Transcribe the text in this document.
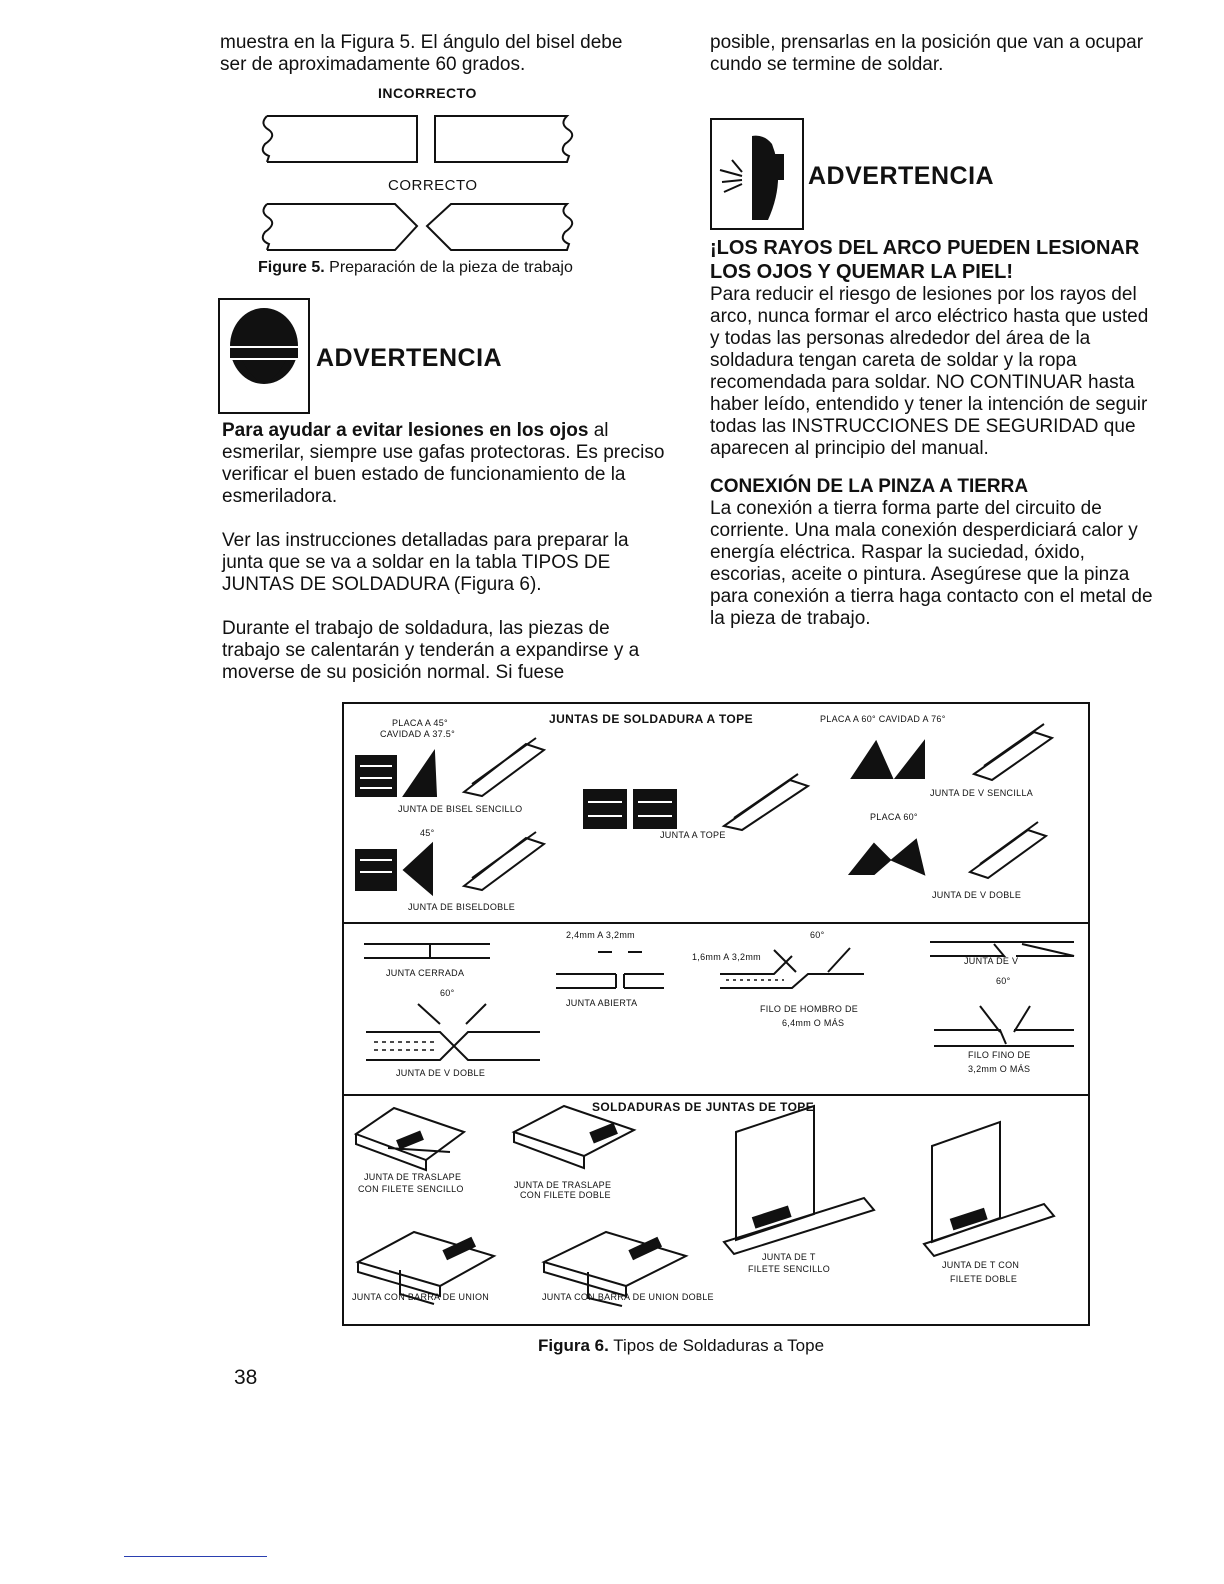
muestra en la Figura 5. El ángulo del bisel debe
ser de aproximadamente 60 grados.
INCORRECTO
CORRECTO
Figure 5. Preparación de la pieza de trabajo
ADVERTENCIA

Para ayudar a evitar lesiones en los ojos al esmerilar, siempre use gafas protectoras. Es preciso verificar el buen estado de funcionamiento de la esmeriladora.

Ver las instrucciones detalladas para preparar la junta que se va a soldar en la tabla TIPOS DE JUNTAS DE SOLDADURA (Figura 6).

Durante el trabajo de soldadura, las piezas de trabajo se calentarán y tenderán a expandirse y a moverse de su posición normal. Si fuese

posible, prensarlas en la posición que van a ocupar cundo se termine de soldar.
ADVERTENCIA
¡LOS RAYOS DEL ARCO PUEDEN LESIONAR LOS OJOS Y QUEMAR LA PIEL!

Para reducir el riesgo de lesiones por los rayos del arco, nunca formar el arco eléctrico hasta que usted y todas las personas alrededor del área de la soldadura tengan careta de soldar y la ropa recomendada para soldar. NO CONTINUAR hasta haber leído, entendido y tener la intención de seguir todas las INSTRUCCIONES DE SEGURIDAD que aparecen al principio del manual.

CONEXIÓN DE LA PINZA A TIERRA

La conexión a tierra forma parte del circuito de corriente. Una mala conexión desperdiciará calor y energía eléctrica. Raspar la suciedad, óxido, escorias, aceite o pintura. Asegúrese que la pinza para conexión a tierra haga contacto con el metal de la pieza de trabajo.

JUNTAS DE SOLDADURA A TOPE
PLACA A 45°
CAVIDAD A 37.5°
JUNTA DE BISEL SENCILLO
45°
JUNTA DE BISELDOBLE
JUNTA A TOPE
PLACA A 60° CAVIDAD A 76°
JUNTA DE V SENCILLA
PLACA 60°
JUNTA DE V DOBLE
2,4mm A 3,2mm
JUNTA CERRADA
60°
JUNTA DE V DOBLE
JUNTA ABIERTA
1,6mm A 3,2mm
60°
FILO DE HOMBRO DE
6,4mm O MÁS
JUNTA DE V
60°
FILO FINO DE
3,2mm O MÁS
SOLDADURAS DE JUNTAS DE TOPE
JUNTA DE TRASLAPE
CON FILETE SENCILLO	JUNTA DE TRASLAPE
CON FILETE DOBLE
JUNTA DE T
FILETE SENCILLO	JUNTA DE T CON
FILETE DOBLE
JUNTA CON BARRA DE UNION	JUNTA CON BARRA DE UNION DOBLE
Figura 6. Tipos de Soldaduras a Tope
38
